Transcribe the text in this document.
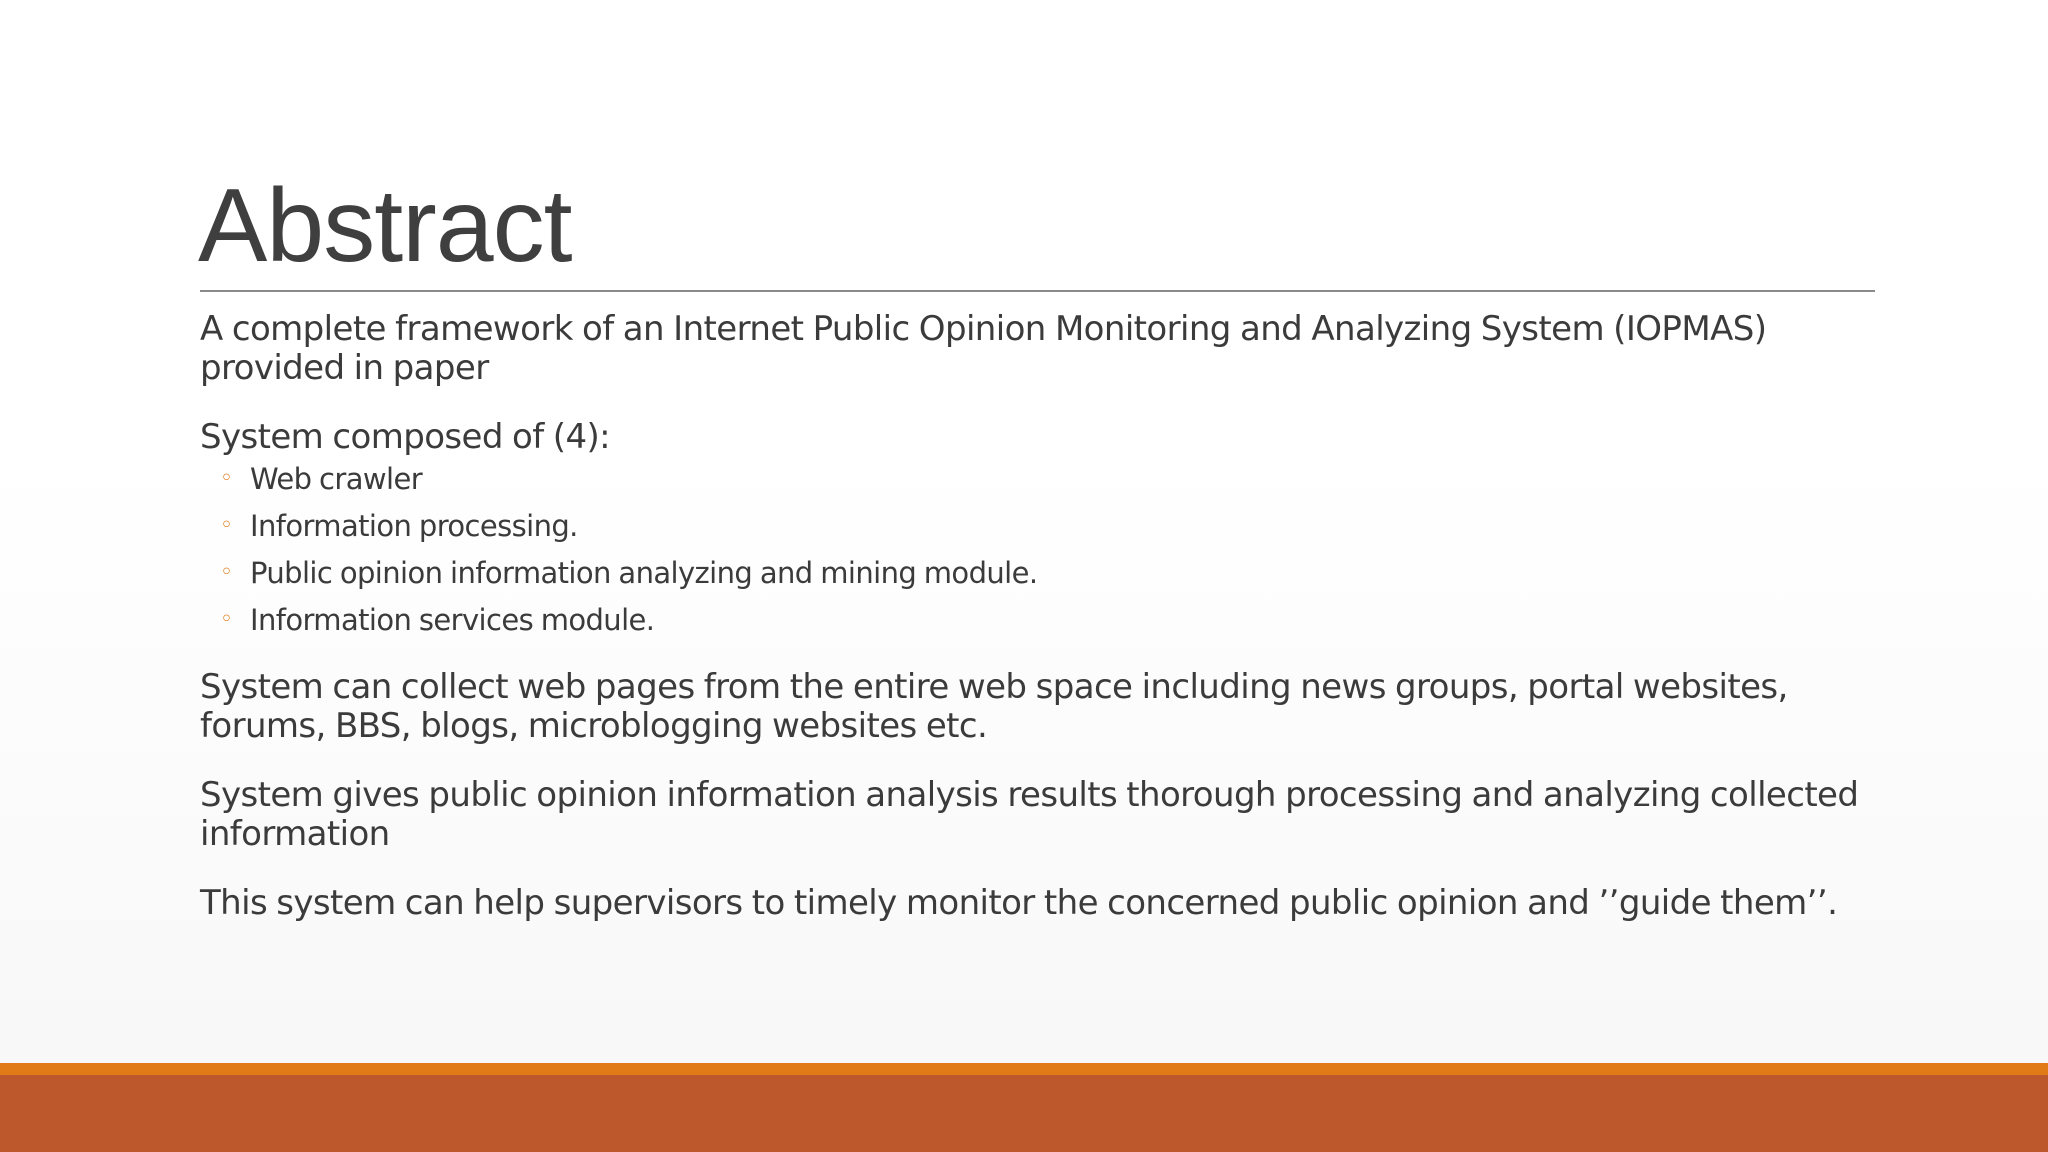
Abstract

A complete framework of an Internet Public Opinion Monitoring and Analyzing System (IOPMAS) provided in paper

System composed of (4):

◦ Web crawler
◦ Information processing.
◦ Public opinion information analyzing and mining module.
◦ Information services module.

System can collect web pages from the entire web space including news groups, portal websites, forums, BBS, blogs, microblogging websites etc.

System gives public opinion information analysis results thorough processing and analyzing collected information

This system can help supervisors to timely monitor the concerned public opinion and ’’guide them’’.
